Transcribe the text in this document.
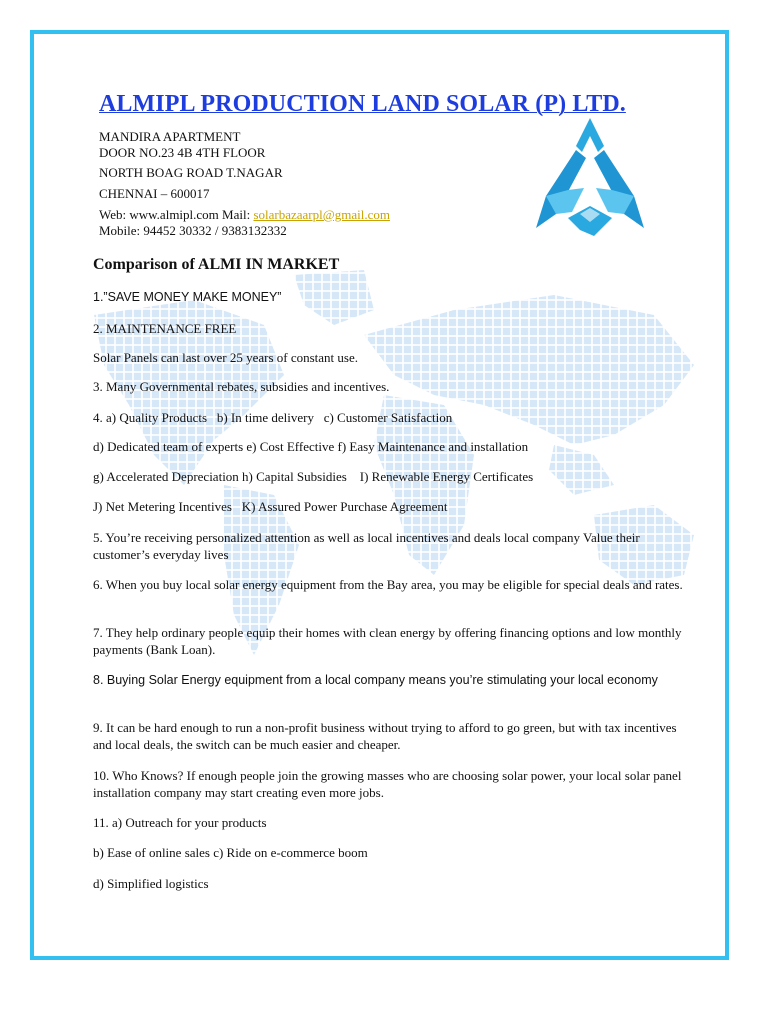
ALMIPL PRODUCTION LAND SOLAR (P) LTD.
MANDIRA APARTMENT
DOOR NO.23 4B 4TH FLOOR
NORTH BOAG ROAD T.NAGAR
CHENNAI – 600017
Web: www.almipl.com Mail: solarbazaarpl@gmail.com
Mobile: 94452 30332 / 9383132332
Comparison of ALMI IN MARKET
1.”SAVE MONEY MAKE MONEY”
2. MAINTENANCE FREE
Solar Panels can last over 25 years of constant use.
3. Many Governmental rebates, subsidies and incentives.
4. a) Quality Products   b) In time delivery   c) Customer Satisfaction
d) Dedicated team of experts e) Cost Effective f) Easy Maintenance and installation
g) Accelerated Depreciation h) Capital Subsidies    I) Renewable Energy Certificates
J) Net Metering Incentives   K) Assured Power Purchase Agreement
5. You’re receiving personalized attention as well as local incentives and deals local company Value their customer’s everyday lives
6. When you buy local solar energy equipment from the Bay area, you may be eligible for special deals and rates.
7. They help ordinary people equip their homes with clean energy by offering financing options and low monthly payments (Bank Loan).
8. Buying Solar Energy equipment from a local company means you’re stimulating your local economy
9. It can be hard enough to run a non-profit business without trying to afford to go green, but with tax incentives and local deals, the switch can be much easier and cheaper.
10. Who Knows? If enough people join the growing masses who are choosing solar power, your local solar panel installation company may start creating even more jobs.
11. a) Outreach for your products
b) Ease of online sales c) Ride on e-commerce boom
d) Simplified logistics
